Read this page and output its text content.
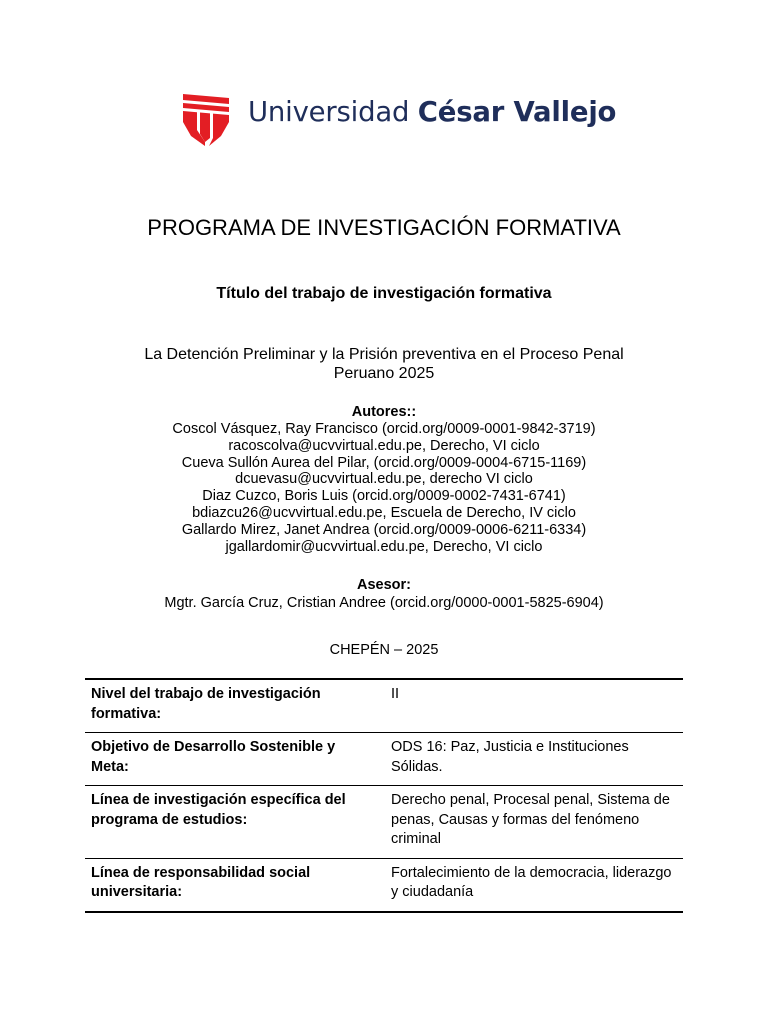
Universidad César Vallejo
PROGRAMA DE INVESTIGACIÓN FORMATIVA
Título del trabajo de investigación formativa
La Detención Preliminar y la Prisión preventiva en el Proceso Penal Peruano 2025
Autores::
Coscol Vásquez, Ray Francisco (orcid.org/0009-0001-9842-3719)
racoscolva@ucvvirtual.edu.pe, Derecho, VI ciclo
Cueva Sullón Aurea del Pilar, (orcid.org/0009-0004-6715-1169)
dcuevasu@ucvvirtual.edu.pe, derecho VI ciclo
Diaz Cuzco, Boris Luis (orcid.org/0009-0002-7431-6741)
bdiazcu26@ucvvirtual.edu.pe, Escuela de Derecho, IV ciclo
Gallardo Mirez, Janet Andrea (orcid.org/0009-0006-6211-6334)
jgallardomir@ucvvirtual.edu.pe, Derecho, VI ciclo
Asesor:
Mgtr. García Cruz, Cristian Andree (orcid.org/0000-0001-5825-6904)
CHEPÉN – 2025
Nivel del trabajo de investigación formativa:	II
Objetivo de Desarrollo Sostenible y Meta:	ODS 16: Paz, Justicia e Instituciones Sólidas.
Línea de investigación específica del programa de estudios:	Derecho penal, Procesal penal, Sistema de penas, Causas y formas del fenómeno criminal
Línea de responsabilidad social universitaria:	Fortalecimiento de la democracia, liderazgo y ciudadanía
